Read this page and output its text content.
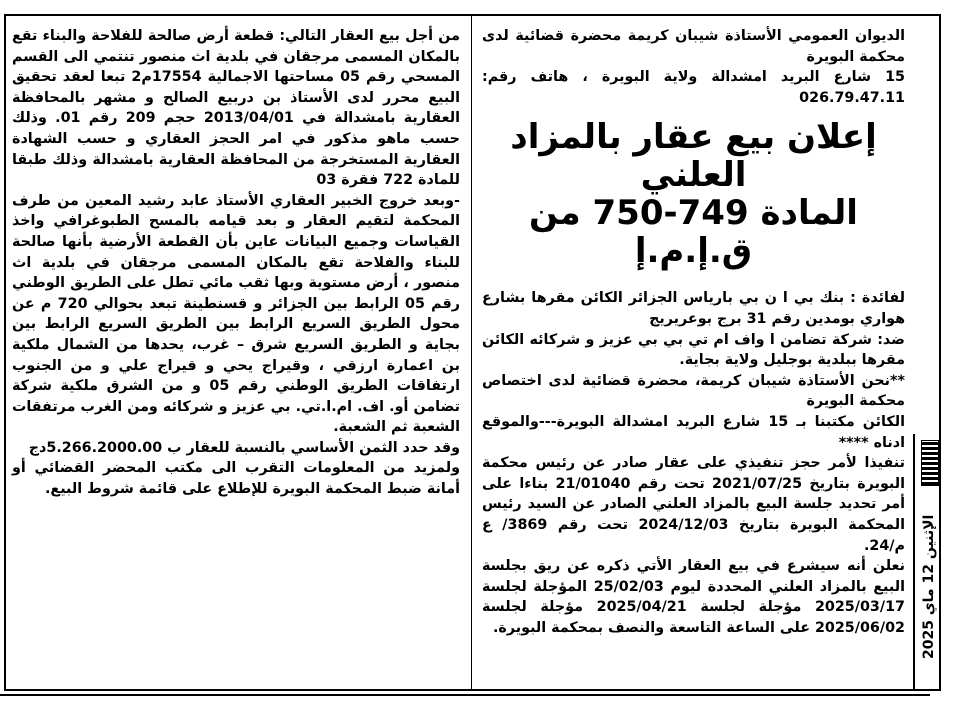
الديوان العمومي الأستاذة شيبان كريمة محضرة قضائية لدى محكمة البويرة

15 شارع البريد امشدالة ولاية البويرة ، هاتف رقم: 026.79.47.11

إعلان بيع عقار بالمزاد العلني
المادة 749-750 من ق.إ.م.إ

لفائدة : بنك بي ا ن بي بارياس الجزائر الكائن مقرها بشارع هواري بومدين رقم 31 برج بوعريريج

ضد: شركة تضامن ا واف ام تي بي بي عزيز و شركائه الكائن مقرها ببلدية بوجليل ولاية بجاية.

**نحن الأستاذة شيبان كريمة، محضرة قضائية لدى اختصاص محكمة البويرة

الكائن مكتبنا بـ 15 شارع البريد امشدالة البويرة---والموقع ادناه ****

تنفيذا لأمر حجز تنفيذي على عقار صادر عن رئيس محكمة البويرة بتاريخ 2021/07/25 تحت رقم 21/01040 بناءا على أمر تحديد جلسة البيع بالمزاد العلني الصادر عن السيد رئيس المحكمة البويرة بتاريخ 2024/12/03 تحت رقم 3869/ ع م/24.

نعلن أنه سيشرع في بيع العقار الأتي ذكره عن ريق بجلسة البيع بالمزاد العلني المحددة ليوم 25/02/03 المؤجلة لجلسة 2025/03/17 مؤجلة لجلسة 2025/04/21 مؤجلة لجلسة 2025/06/02 على الساعة التاسعة والنصف بمحكمة البويرة.

من أجل بيع العقار التالي: قطعة أرض صالحة للفلاحة والبناء تقع بالمكان المسمى مرجقان في بلدية اث منصور تنتمي الى القسم المسحي رقم 05 مساحتها الاجمالية 17554م2 تبعا لعقد تحقيق البيع محرر لدى الأستاذ بن دربيع الصالح و مشهر بالمحافظة العقارية بامشدالة في 2013/04/01 حجم 209 رقم 01. وذلك حسب ماهو مذكور في امر الحجز العقاري و حسب الشهادة العقارية المستخرجة من المحافظة العقارية بامشدالة وذلك طبقا للمادة 722 فقرة 03

-وبعد خروج الخبير العقاري الأستاذ عابد رشيد المعين من طرف المحكمة لتقيم العقار و بعد قيامه بالمسح الطبوغرافي واخذ القياسات وجميع البيانات عاين بأن القطعة الأرضية بأنها صالحة للبناء والفلاحة تقع بالمكان المسمى مرجقان في بلدية اث منصور ، أرض مستوية وبها ثقب مائي تطل على الطريق الوطني رقم 05 الرابط بين الجزائر و قسنطينة تبعد بحوالي 720 م عن محول الطريق السريع الرابط بين الطريق السريع الرابط بين بجاية و الطريق السريع شرق – غرب، يحدها من الشمال ملكية بن اعمارة ارزقي ، وقيراج يحي و قيراج علي و من الجنوب ارتفاقات الطريق الوطني رقم 05 و من الشرق ملكية شركة تضامن أو. اف. ام.ا.تي. بي عزيز و شركائه ومن الغرب مرتفقات الشعبة ثم الشعبة.

وقد حدد الثمن الأساسي بالنسبة للعقار ب 5.266.2000.00دج

ولمزيد من المعلومات التقرب الى مكتب المحضر القضائي أو أمانة ضبط المحكمة البويرة للإطلاع على قائمة شروط البيع.

الإثنين 12 ماي 2025
